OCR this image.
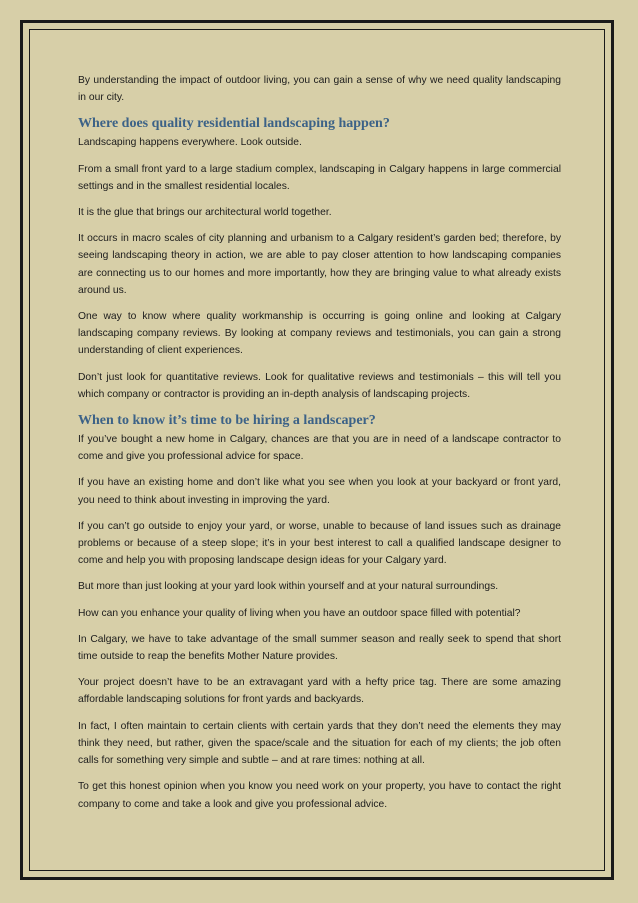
By understanding the impact of outdoor living, you can gain a sense of why we need quality landscaping in our city.

Where does quality residential landscaping happen?

Landscaping happens everywhere. Look outside.

From a small front yard to a large stadium complex, landscaping in Calgary happens in large commercial settings and in the smallest residential locales.

It is the glue that brings our architectural world together.

It occurs in macro scales of city planning and urbanism to a Calgary resident’s garden bed; therefore, by seeing landscaping theory in action, we are able to pay closer attention to how landscaping companies are connecting us to our homes and more importantly, how they are bringing value to what already exists around us.

One way to know where quality workmanship is occurring is going online and looking at Calgary landscaping company reviews. By looking at company reviews and testimonials, you can gain a strong understanding of client experiences.

Don’t just look for quantitative reviews. Look for qualitative reviews and testimonials – this will tell you which company or contractor is providing an in-depth analysis of landscaping projects.

When to know it’s time to be hiring a landscaper?

If you’ve bought a new home in Calgary, chances are that you are in need of a landscape contractor to come and give you professional advice for space.

If you have an existing home and don’t like what you see when you look at your backyard or front yard, you need to think about investing in improving the yard.

If you can’t go outside to enjoy your yard, or worse, unable to because of land issues such as drainage problems or because of a steep slope; it’s in your best interest to call a qualified landscape designer to come and help you with proposing landscape design ideas for your Calgary yard.

But more than just looking at your yard look within yourself and at your natural surroundings.

How can you enhance your quality of living when you have an outdoor space filled with potential?

In Calgary, we have to take advantage of the small summer season and really seek to spend that short time outside to reap the benefits Mother Nature provides.

Your project doesn’t have to be an extravagant yard with a hefty price tag. There are some amazing affordable landscaping solutions for front yards and backyards.

In fact, I often maintain to certain clients with certain yards that they don’t need the elements they may think they need, but rather, given the space/scale and the situation for each of my clients; the job often calls for something very simple and subtle – and at rare times: nothing at all.

To get this honest opinion when you know you need work on your property, you have to contact the right company to come and take a look and give you professional advice.
